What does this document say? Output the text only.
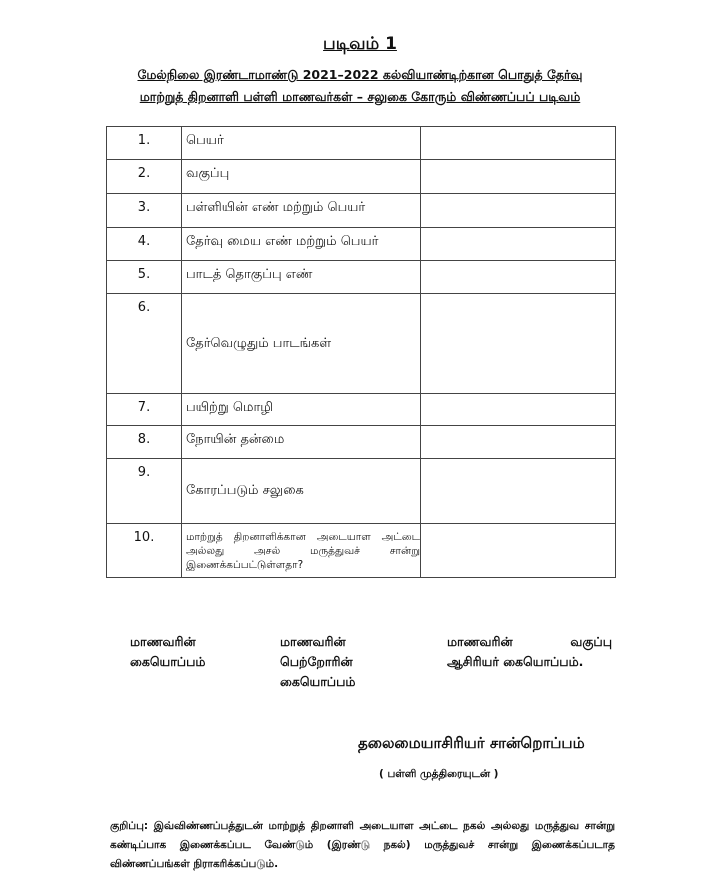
படிவம் 1
மேல்நிலை இரண்டாமாண்டு 2021–2022 கல்வியாண்டிற்கான பொதுத் தேர்வு
மாற்றுத் திறனாளி பள்ளி மாணவர்கள் – சலுகை கோரும் விண்ணப்பப் படிவம்
1.	பெயர்	
2.	வகுப்பு	
3.	பள்ளியின் எண் மற்றும் பெயர்	
4.	தேர்வு மைய எண் மற்றும் பெயர்	
5.	பாடத் தொகுப்பு எண்	
6.	தேர்வெழுதும் பாடங்கள்	
7.	பயிற்று மொழி	
8.	நோயின் தன்மை	
9.	கோரப்படும் சலுகை	
10.	மாற்றுத் திறனாளிக்கான அடையாள அட்டை அல்லது அசல் மருத்துவச் சான்று இணைக்கப்பட்டுள்ளதா?	
மாணவரின்
கையொப்பம்
மாணவரின்
பெற்றோரின்
கையொப்பம்
மாணவரின்	வகுப்பு
ஆசிரியர் கையொப்பம்.
தலைமையாசிரியர் சான்றொப்பம்
( பள்ளி முத்திரையுடன் )
குறிப்பு: இவ்விண்ணப்பத்துடன் மாற்றுத் திறனாளி அடையாள அட்டை நகல் அல்லது மருத்துவ சான்று கண்டிப்பாக இணைக்கப்பட வேண்டும் (இரண்டு நகல்) மருத்துவச் சான்று இணைக்கப்படாத விண்ணப்பங்கள் நிராகரிக்கப்படும்.
